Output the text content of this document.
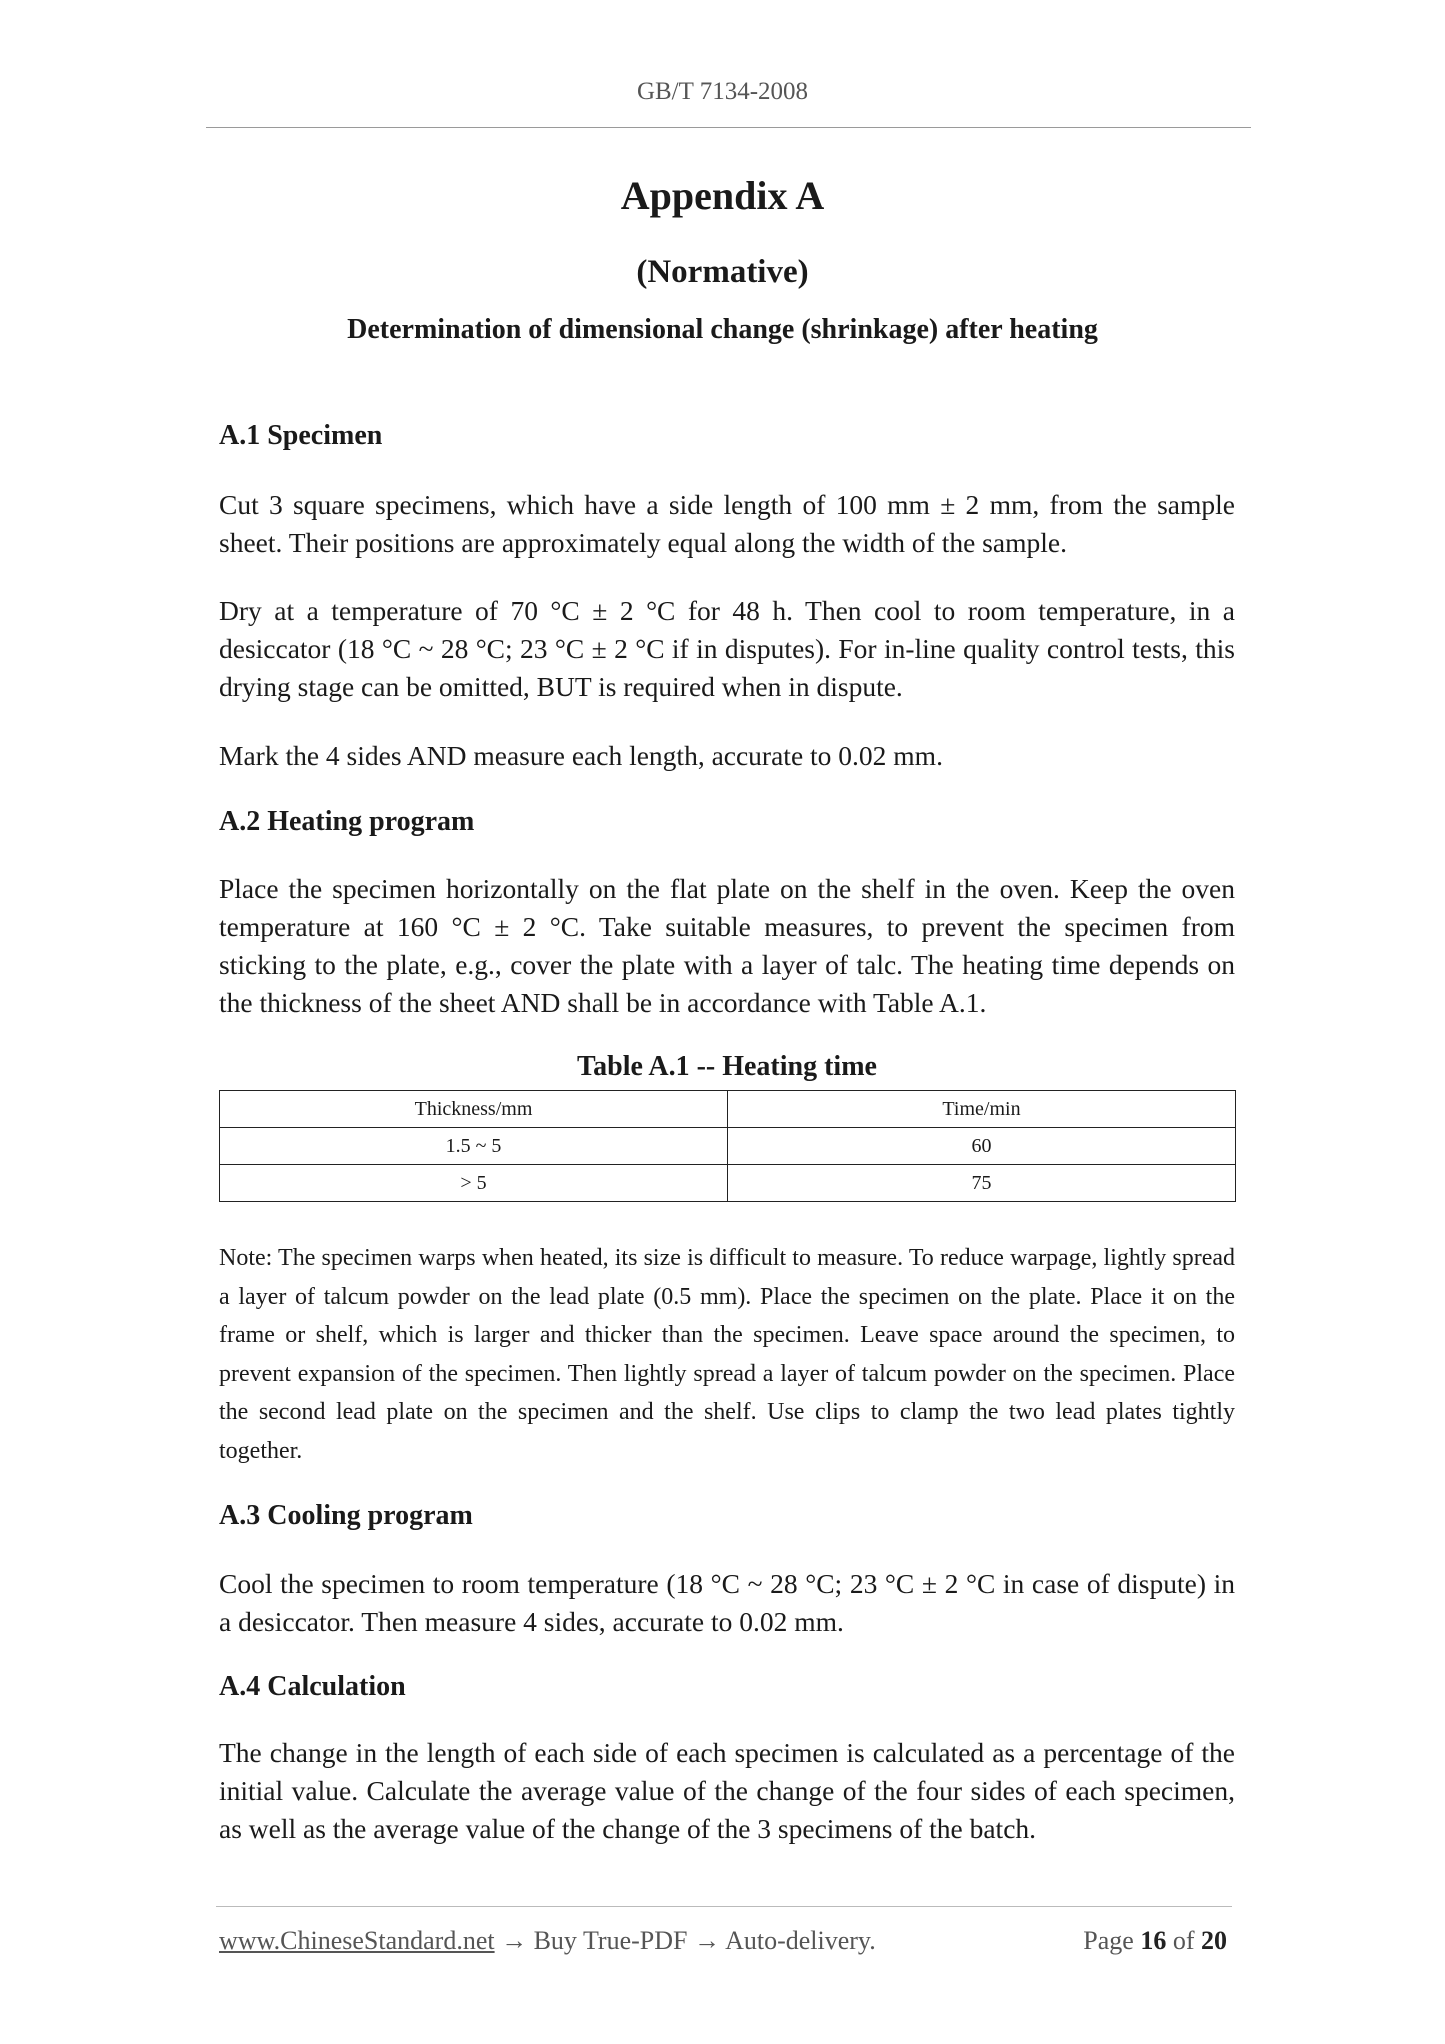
GB/T 7134-2008
Appendix A
(Normative)
Determination of dimensional change (shrinkage) after heating
A.1 Specimen
Cut 3 square specimens, which have a side length of 100 mm ± 2 mm, from the sample sheet. Their positions are approximately equal along the width of the sample.
Dry at a temperature of 70 °C ± 2 °C for 48 h. Then cool to room temperature, in a desiccator (18 °C ~ 28 °C; 23 °C ± 2 °C if in disputes). For in-line quality control tests, this drying stage can be omitted, BUT is required when in dispute.
Mark the 4 sides AND measure each length, accurate to 0.02 mm.
A.2 Heating program
Place the specimen horizontally on the flat plate on the shelf in the oven. Keep the oven temperature at 160 °C ± 2 °C. Take suitable measures, to prevent the specimen from sticking to the plate, e.g., cover the plate with a layer of talc. The heating time depends on the thickness of the sheet AND shall be in accordance with Table A.1.
Table A.1 -- Heating time
Thickness/mm	Time/min
1.5 ~ 5	60
> 5	75
Note: The specimen warps when heated, its size is difficult to measure. To reduce warpage, lightly spread a layer of talcum powder on the lead plate (0.5 mm). Place the specimen on the plate. Place it on the frame or shelf, which is larger and thicker than the specimen. Leave space around the specimen, to prevent expansion of the specimen. Then lightly spread a layer of talcum powder on the specimen. Place the second lead plate on the specimen and the shelf. Use clips to clamp the two lead plates tightly together.
A.3 Cooling program
Cool the specimen to room temperature (18 °C ~ 28 °C; 23 °C ± 2 °C in case of dispute) in a desiccator. Then measure 4 sides, accurate to 0.02 mm.
A.4 Calculation
The change in the length of each side of each specimen is calculated as a percentage of the initial value. Calculate the average value of the change of the four sides of each specimen, as well as the average value of the change of the 3 specimens of the batch.
www.ChineseStandard.net → Buy True-PDF → Auto-delivery.	Page 16 of 20
